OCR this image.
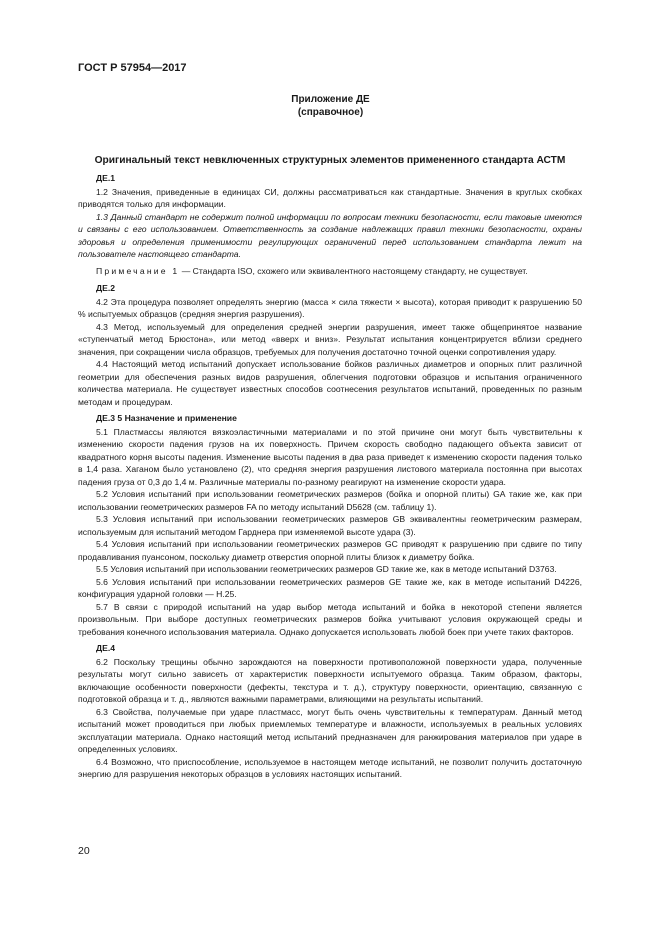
ГОСТ Р 57954—2017
Приложение ДЕ
(справочное)
Оригинальный текст невключенных структурных элементов примененного стандарта АСТМ
ДЕ.1

1.2 Значения, приведенные в единицах СИ, должны рассматриваться как стандартные. Значения в круглых скобках приводятся только для информации.

1.3 Данный стандарт не содержит полной информации по вопросам техники безопасности, если таковые имеются и связаны с его использованием. Ответственность за создание надлежащих правил техники безопасности, охраны здоровья и определения применимости регулирующих ограничений перед использованием стандарта лежит на пользователе настоящего стандарта.

Примечание 1 — Стандарта ISO, схожего или эквивалентного настоящему стандарту, не существует.

ДЕ.2

4.2 Эта процедура позволяет определять энергию (масса × сила тяжести × высота), которая приводит к разрушению 50 % испытуемых образцов (средняя энергия разрушения).

4.3 Метод, используемый для определения средней энергии разрушения, имеет также общепринятое название «ступенчатый метод Брюстона», или метод «вверх и вниз». Результат испытания концентрируется вблизи среднего значения, при сокращении числа образцов, требуемых для получения достаточно точной оценки сопротивления удару.

4.4 Настоящий метод испытаний допускает использование бойков различных диаметров и опорных плит различной геометрии для обеспечения разных видов разрушения, облегчения подготовки образцов и испытания ограниченного количества материала. Не существует известных способов соотнесения результатов испытаний, проведенных по разным методам и процедурам.

ДЕ.3 5 Назначение и применение

5.1 Пластмассы являются вязкоэластичными материалами и по этой причине они могут быть чувствительны к изменению скорости падения грузов на их поверхность. Причем скорость свободно падающего объекта зависит от квадратного корня высоты падения. Изменение высоты падения в два раза приведет к изменению скорости падения только в 1,4 раза. Хаганом было установлено (2), что средняя энергия разрушения листового материала постоянна при высотах падения груза от 0,3 до 1,4 м. Различные материалы по-разному реагируют на изменение скорости удара.

5.2 Условия испытаний при использовании геометрических размеров (бойка и опорной плиты) GA такие же, как при использовании геометрических размеров FA по методу испытаний D5628 (см. таблицу 1).

5.3 Условия испытаний при использовании геометрических размеров GB эквивалентны геометрическим размерам, используемым для испытаний методом Гарднера при изменяемой высоте удара (3).

5.4 Условия испытаний при использовании геометрических размеров GC приводят к разрушению при сдвиге по типу продавливания пуансоном, поскольку диаметр отверстия опорной плиты близок к диаметру бойка.

5.5 Условия испытаний при использовании геометрических размеров GD такие же, как в методе испытаний D3763.

5.6 Условия испытаний при использовании геометрических размеров GE такие же, как в методе испытаний D4226, конфигурация ударной головки — H.25.

5.7 В связи с природой испытаний на удар выбор метода испытаний и бойка в некоторой степени является произвольным. При выборе доступных геометрических размеров бойка учитывают условия окружающей среды и требования конечного использования материала. Однако допускается использовать любой боек при учете таких факторов.

ДЕ.4

6.2 Поскольку трещины обычно зарождаются на поверхности противоположной поверхности удара, полученные результаты могут сильно зависеть от характеристик поверхности испытуемого образца. Таким образом, факторы, включающие особенности поверхности (дефекты, текстура и т. д.), структуру поверхности, ориентацию, связанную с подготовкой образца и т. д., являются важными параметрами, влияющими на результаты испытаний.

6.3 Свойства, получаемые при ударе пластмасс, могут быть очень чувствительны к температурам. Данный метод испытаний может проводиться при любых приемлемых температуре и влажности, используемых в реальных условиях эксплуатации материала. Однако настоящий метод испытаний предназначен для ранжирования материалов при ударе в определенных условиях.

6.4 Возможно, что приспособление, используемое в настоящем методе испытаний, не позволит получить достаточную энергию для разрушения некоторых образцов в условиях настоящих испытаний.

20
